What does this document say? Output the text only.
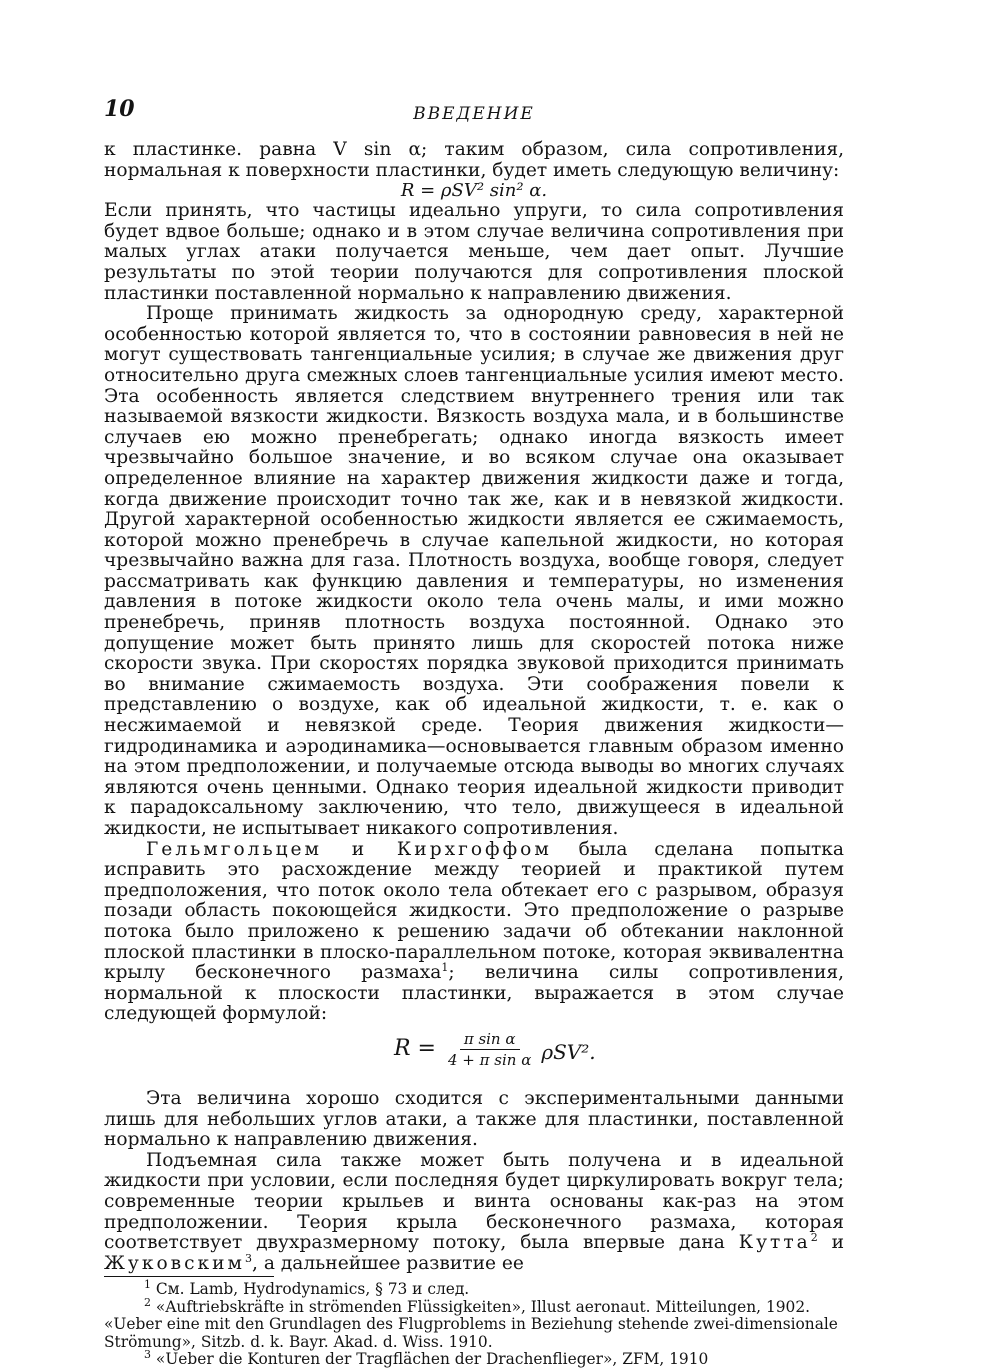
10	ВВЕДЕНИЕ

к пластинке. равна V sin α; таким образом, сила сопротивления, нормальная к поверхности пластинки, будет иметь следующую величину:

R = ρSV² sin² α.

Если принять, что частицы идеально упруги, то сила сопротивления будет вдвое больше; однако и в этом случае величина сопротивления при малых углах атаки получается меньше, чем дает опыт. Лучшие результаты по этой теории получаются для сопротивления плоской пластинки поставленной нормально к направлению движения.

Проще принимать жидкость за однородную среду, характерной особенностью которой является то, что в состоянии равновесия в ней не могут существовать тангенциальные усилия; в случае же движения друг относительно друга смежных слоев тангенциальные усилия имеют место. Эта особенность является следствием внутреннего трения или так называемой вязкости жидкости. Вязкость воздуха мала, и в большинстве случаев ею можно пренебрегать; однако иногда вязкость имеет чрезвычайно большое значение, и во всяком случае она оказывает определенное влияние на характер движения жидкости даже и тогда, когда движение происходит точно так же, как и в невязкой жидкости. Другой характерной особенностью жидкости является ее сжимаемость, которой можно пренебречь в случае капельной жидкости, но которая чрезвычайно важна для газа. Плотность воздуха, вообще говоря, следует рассматривать как функцию давления и температуры, но изменения давления в потоке жидкости около тела очень малы, и ими можно пренебречь, приняв плотность воздуха постоянной. Однако это допущение может быть принято лишь для скоростей потока ниже скорости звука. При скоростях порядка звуковой приходится принимать во внимание сжимаемость воздуха. Эти соображения повели к представлению о воздухе, как об идеальной жидкости, т. е. как о несжимаемой и невязкой среде. Теория движения жидкости—гидродинамика и аэродинамика—основывается главным образом именно на этом предположении, и получаемые отсюда выводы во многих случаях являются очень ценными. Однако теория идеальной жидкости приводит к парадоксальному заключению, что тело, движущееся в идеальной жидкости, не испытывает никакого сопротивления.

Гельмгольцем и Кирхгоффом была сделана попытка исправить это расхождение между теорией и практикой путем предположения, что поток около тела обтекает его с разрывом, образуя позади область покоющейся жидкости. Это предположение о разрыве потока было приложено к решению задачи об обтекании наклонной плоской пластинки в плоско-параллельном потоке, которая эквивалентна крылу бесконечного размаха$^1$; величина силы сопротивления, нормальной к плоскости пластинки, выражается в этом случае следующей формулой:

$R = \frac{\text{π sin α}}{\text{4 + π sin α}} \rho SV^2$.

Эта величина хорошо сходится с экспериментальными данными лишь для небольших углов атаки, а также для пластинки, поставленной нормально к направлению движения.

Подъемная сила также может быть получена и в идеальной жидкости при условии, если последняя будет циркулировать вокруг тела; современные теории крыльев и винта основаны как-раз на этом предположении. Теория крыла бесконечного размаха, которая соответствует двухразмерному потоку, была впервые дана Кутта$^2$ и Жуковским$^3$, а дальнейшее развитие ее

$^1$ См. Lamb, Hydrodynamics, § 73 и след.

$^2$ «Auftriebskräfte in strömenden Flüssigkeiten», Illust aeronaut. Mitteilungen, 1902. «Ueber eine mit den Grundlagen des Flugproblems in Beziehung stehende zwei-dimensionale Strömung», Sitzb. d. k. Bayr. Akad. d. Wiss. 1910.

$^3$ «Ueber die Konturen der Tragflächen der Drachenflieger», ZFM, 1910
